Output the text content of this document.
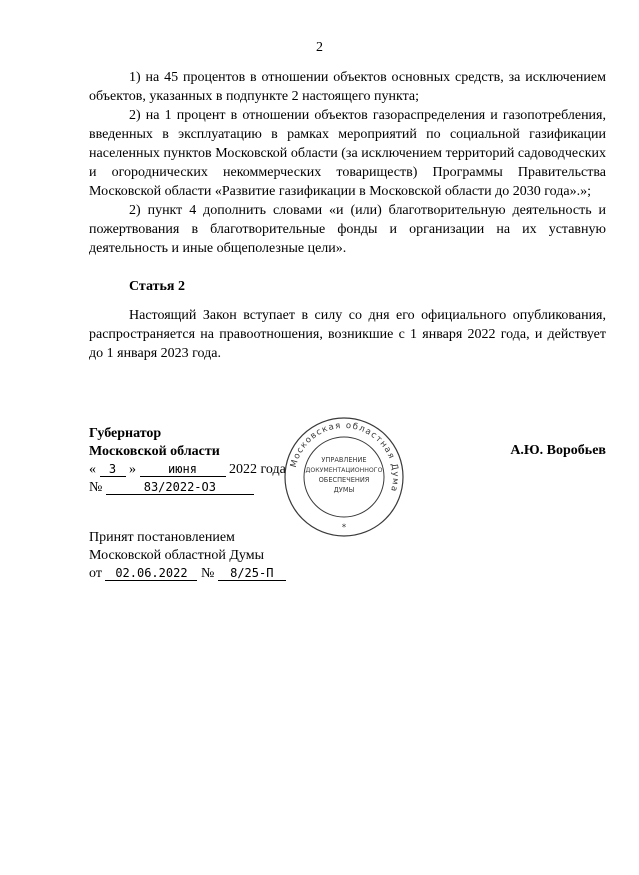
2

1) на 45 процентов в отношении объектов основных средств, за исключением объектов, указанных в подпункте 2 настоящего пункта;

2) на 1 процент в отношении объектов газораспределения и газопотребления, введенных в эксплуатацию в рамках мероприятий по социальной газификации населенных пунктов Московской области (за исключением территорий садоводческих и огороднических некоммерческих товариществ) Программы Правительства Московской области «Развитие газификации в Московской области до 2030 года».»;

2) пункт 4 дополнить словами «и (или) благотворительную деятельность и пожертвования в благотворительные фонды и организации на их уставную деятельность и иные общеполезные цели».

Статья 2

Настоящий Закон вступает в силу со дня его официального опубликования, распространяется на правоотношения, возникшие с 1 января 2022 года, и действует до 1 января 2023 года.

Губернатор
Московской области
« 3 »	июня 2022 года
№	83/2022-ОЗ
А.Ю. Воробьев
Московская областная Дума
УПРАВЛЕНИЕ
ДОКУМЕНТАЦИОННОГО
ОБЕСПЕЧЕНИЯ
ДУМЫ
*
Принят постановлением
Московской областной Думы
от 02.06.2022 № 8/25-П
